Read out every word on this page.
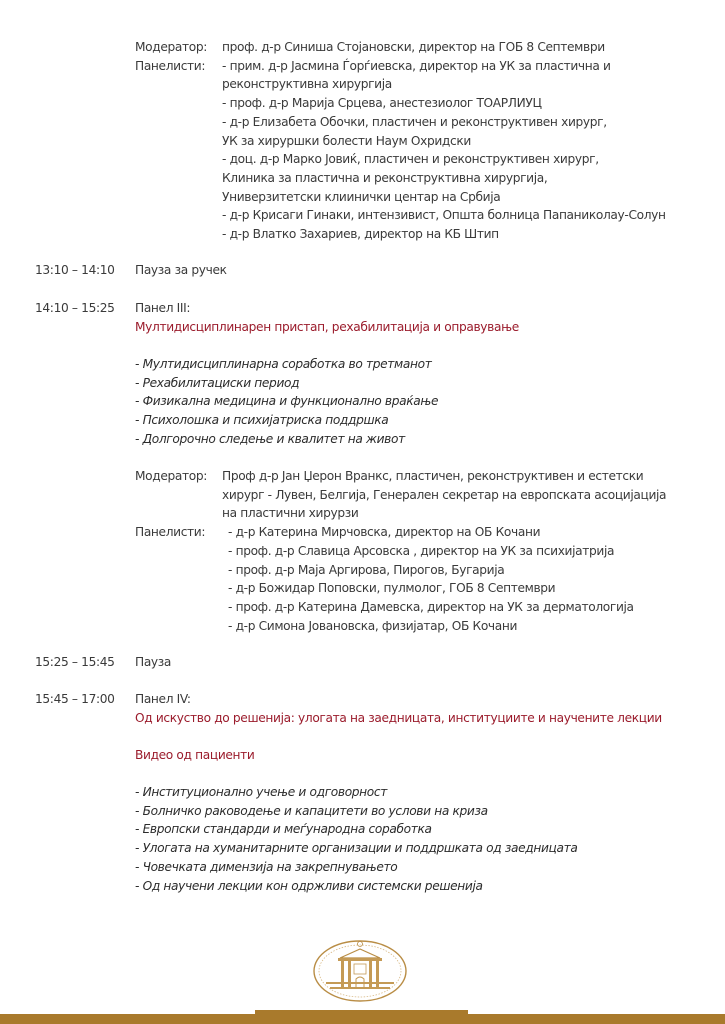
Модератор: проф. д-р Синиша Стојановски, директор на ГОБ 8 Септември
Панелисти: - прим. д-р Јасмина Ѓорѓиевска, директор на УК за пластична и
реконструктивна хирургија
- проф. д-р Марија Срцева, анестезиолог ТОАРЛИУЦ
- д-р Елизабета Обочки, пластичен и реконструктивен хирург,
УК за хируршки болести Наум Охридски
- доц. д-р Марко Јовиќ, пластичен и реконструктивен хирург,
Клиника за пластична и реконструктивна хирургија,
Универзитетски клиинички центар на Србија
- д-р Крисаги Гинаки, интензивист, Општа болница Папаниколау-Солун
- д-р Влатко Захариев, директор на КБ Штип
13:10 – 14:10 Пауза за ручек
14:10 – 15:25 Панел III:
Мултидисциплинарен пристап, рехабилитација и оправување
- Мултидисциплинарна соработка во третманот
- Рехабилитациски период
- Физикална медицина и функционално враќање
- Психолошка и психијатриска поддршка
- Долгорочно следење и квалитет на живот
Модератор: Проф д-р Јан Џерон Вранкс, пластичен, реконструктивен и естетски
хирург - Лувен, Белгија, Генерален секретар на европската асоцијација
на пластични хирурзи
Панелисти: - д-р Катерина Мирчовска, директор на ОБ Кочани
- проф. д-р Славица Арсовска , директор на УК за психијатрија
- проф. д-р Маја Аргирова, Пирогов, Бугарија
- д-р Божидар Поповски, пулмолог, ГОБ 8 Септември
- проф. д-р Катерина Дамевска, директор на УК за дерматологија
- д-р Симона Јовановска, физијатар, ОБ Кочани
15:25 – 15:45 Пауза
15:45 – 17:00 Панел IV:
Од искуство до решенија: улогата на заедницата, институциите и научените лекции
Видео од пациенти
- Институционално учење и одговорност
- Болничко раководење и капацитети во услови на криза
- Европски стандарди и меѓународна соработка
- Улогата на хуманитарните организации и поддршката од заедницата
- Човечката димензија на закрепнувањето
- Од научени лекции кон одржливи системски решенија
